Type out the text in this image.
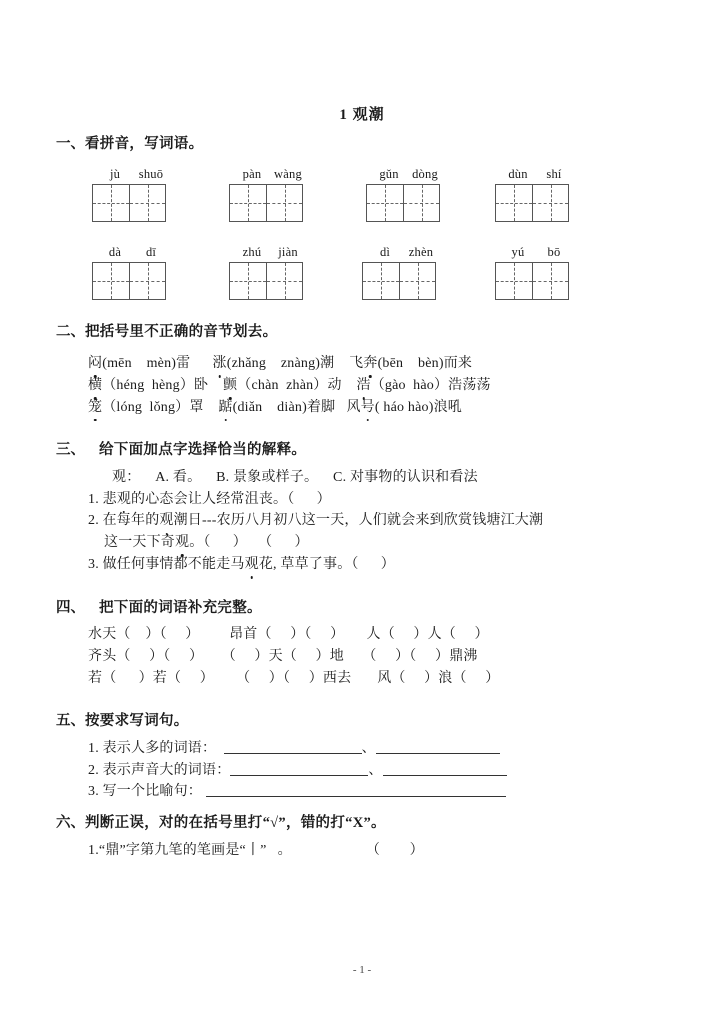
1 观潮
一、看拼音，写词语。
jù	shuō	pàn	wàng	gǔn	dòng	dùn	shí
dà	dī	zhú	jiàn	dì	zhèn	yú	bō
二、把括号里不正确的音节划去。
闷(mēn    mèn)雷 涨(zhǎng    znàng)潮 飞奔(bēn    bèn)而来
横（héng  hèng）卧 颤（chàn  zhàn）动 浩（gào  hào）浩荡荡
笼（lóng  lǒng）罩 踮(diǎn    diàn)着脚 风号( háo hào)浪吼
三、 给下面加点字选择恰当的解释。
观：    A. 看。    B. 景象或样子。    C. 对事物的认识和看法
1. 悲观的心态会让人经常沮丧。（      ）
2. 在每年的观潮日---农历八月初八这一天，人们就会来到欣赏钱塘江大潮
这一天下奇观。（      ）   （      ）
3. 做任何事情都不能走马观花, 草草了事。（      ）
四、 把下面的词语补充完整。
水天（    ）（     ）        昂首（     ）（     ）      人（     ）人（     ）
齐头（     ）（     ）     （     ）天（     ）地     （     ）（     ）鼎沸
若（      ）若（     ）      （     ）（     ）西去       风（     ）浪（     ）
五、按要求写词句。
1. 表示人多的词语：	、
2. 表示声音大的词语：	、
3. 写一个比喻句：
六、判断正误，对的在括号里打“√”，错的打“X”。
1.“鼎”字第九笔的笔画是“丨”   。                    （        ）
- 1 -
